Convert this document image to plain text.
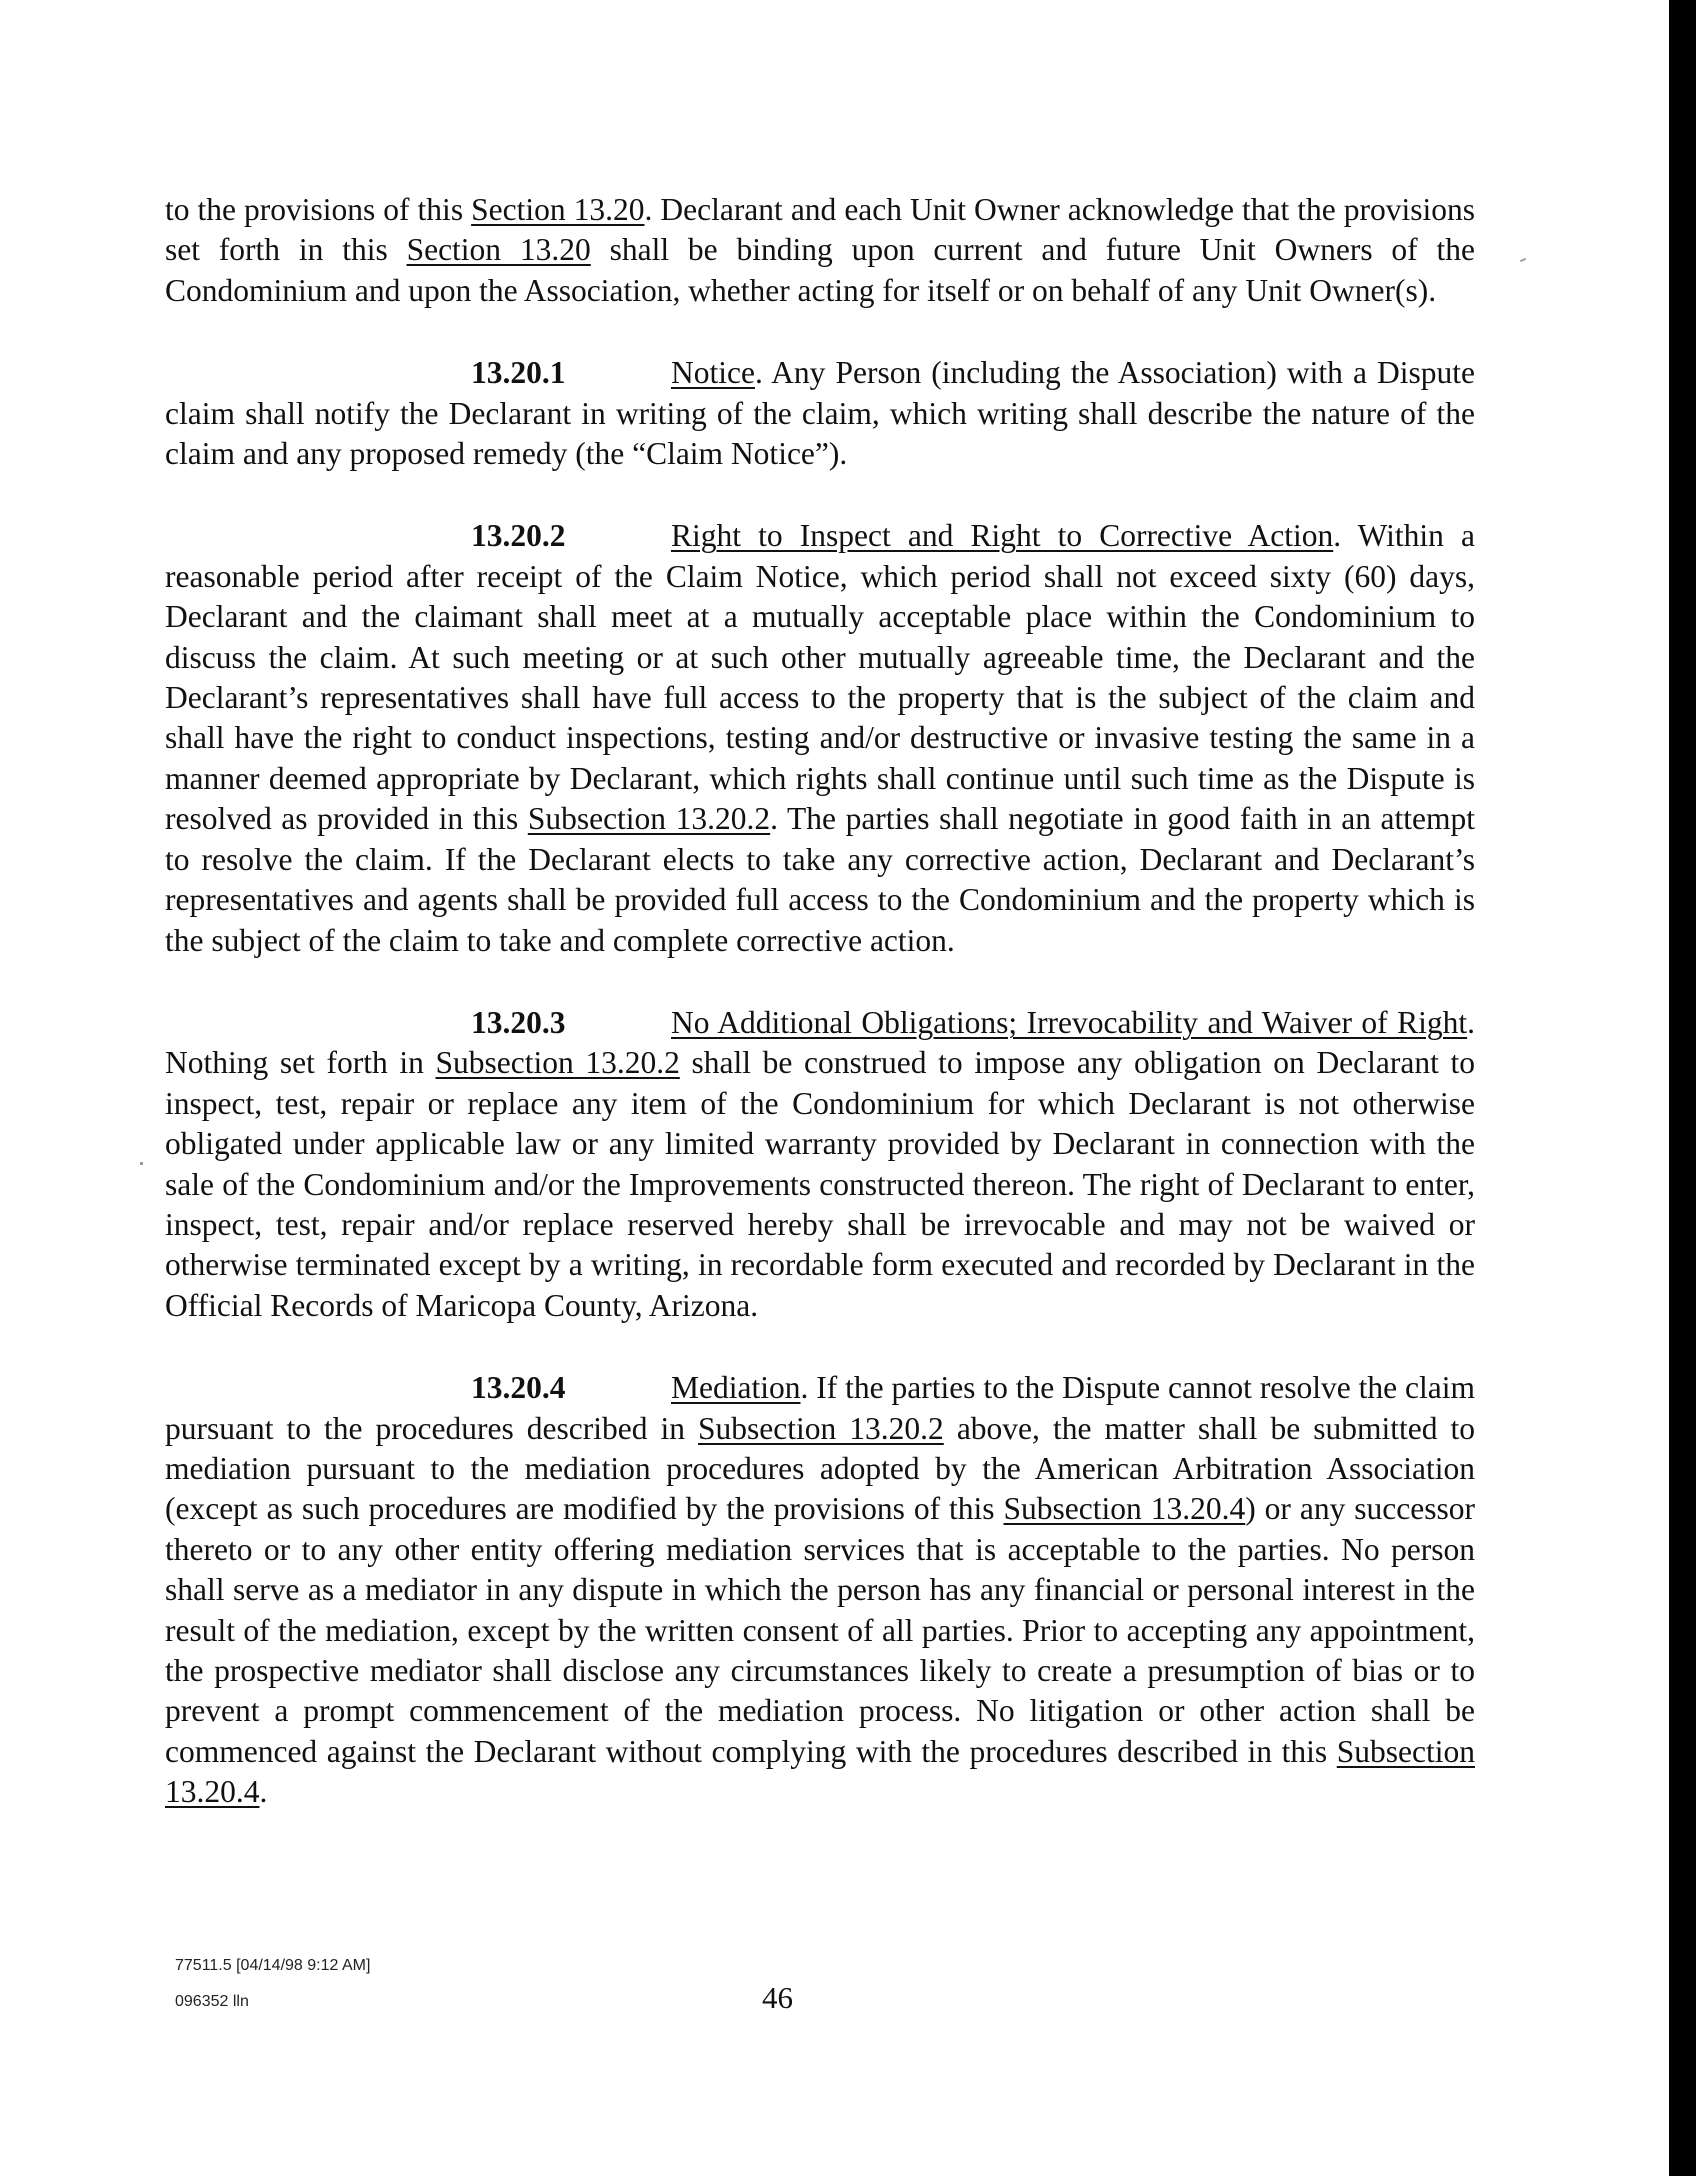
to the provisions of this Section 13.20. Declarant and each Unit Owner acknowledge that the provisions set forth in this Section 13.20 shall be binding upon current and future Unit Owners of the Condominium and upon the Association, whether acting for itself or on behalf of any Unit Owner(s).

13.20.1	Notice. Any Person (including the Association) with a Dispute claim shall notify the Declarant in writing of the claim, which writing shall describe the nature of the claim and any proposed remedy (the “Claim Notice”).

13.20.2	Right to Inspect and Right to Corrective Action. Within a reasonable period after receipt of the Claim Notice, which period shall not exceed sixty (60) days, Declarant and the claimant shall meet at a mutually acceptable place within the Condominium to discuss the claim. At such meeting or at such other mutually agreeable time, the Declarant and the Declarant’s representatives shall have full access to the property that is the subject of the claim and shall have the right to conduct inspections, testing and/or destructive or invasive testing the same in a manner deemed appropriate by Declarant, which rights shall continue until such time as the Dispute is resolved as provided in this Subsection 13.20.2. The parties shall negotiate in good faith in an attempt to resolve the claim. If the Declarant elects to take any corrective action, Declarant and Declarant’s representatives and agents shall be provided full access to the Condominium and the property which is the subject of the claim to take and complete corrective action.

13.20.3	No Additional Obligations; Irrevocability and Waiver of Right. Nothing set forth in Subsection 13.20.2 shall be construed to impose any obligation on Declarant to inspect, test, repair or replace any item of the Condominium for which Declarant is not otherwise obligated under applicable law or any limited warranty provided by Declarant in connection with the sale of the Condominium and/or the Improvements constructed thereon. The right of Declarant to enter, inspect, test, repair and/or replace reserved hereby shall be irrevocable and may not be waived or otherwise terminated except by a writing, in recordable form executed and recorded by Declarant in the Official Records of Maricopa County, Arizona.

13.20.4	Mediation. If the parties to the Dispute cannot resolve the claim pursuant to the procedures described in Subsection 13.20.2 above, the matter shall be submitted to mediation pursuant to the mediation procedures adopted by the American Arbitration Association (except as such procedures are modified by the provisions of this Subsection 13.20.4) or any successor thereto or to any other entity offering mediation services that is acceptable to the parties. No person shall serve as a mediator in any dispute in which the person has any financial or personal interest in the result of the mediation, except by the written consent of all parties. Prior to accepting any appointment, the prospective mediator shall disclose any circumstances likely to create a presumption of bias or to prevent a prompt commencement of the mediation process. No litigation or other action shall be commenced against the Declarant without complying with the procedures described in this Subsection 13.20.4.

77511.5 [04/14/98 9:12 AM]
096352 lln	46
